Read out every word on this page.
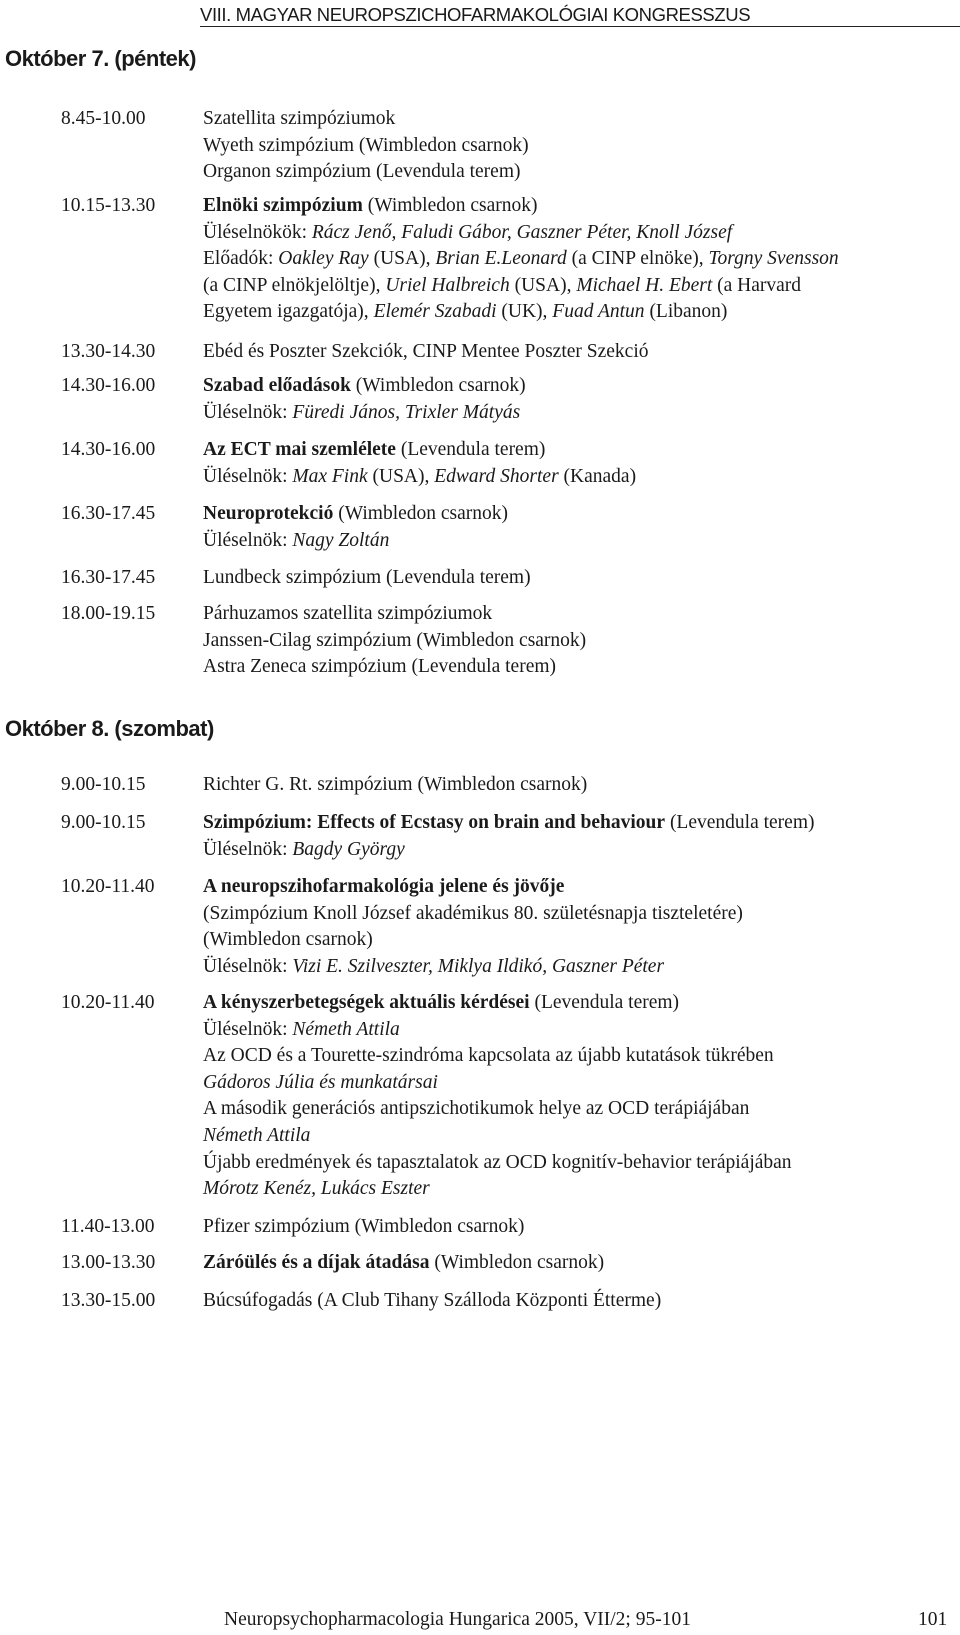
VIII. MAGYAR NEUROPSZICHOFARMAKOLÓGIAI KONGRESSZUS
Október 7. (péntek)
8.45-10.00	Szatellita szimpóziumok
Wyeth szimpózium (Wimbledon csarnok)
Organon szimpózium (Levendula terem)
10.15-13.30 Elnöki szimpózium (Wimbledon csarnok)
Üléselnökök: Rácz Jenő, Faludi Gábor, Gaszner Péter, Knoll József
Előadók: Oakley Ray (USA), Brian E.Leonard (a CINP elnöke), Torgny Svensson
(a CINP elnökjelöltje), Uriel Halbreich (USA), Michael H. Ebert (a Harvard
Egyetem igazgatója), Elemér Szabadi (UK), Fuad Antun (Libanon)
13.30-14.30 Ebéd és Poszter Szekciók, CINP Mentee Poszter Szekció
14.30-16.00 Szabad előadások (Wimbledon csarnok)
Üléselnök: Füredi János, Trixler Mátyás
14.30-16.00 Az ECT mai szemlélete (Levendula terem)
Üléselnök: Max Fink (USA), Edward Shorter (Kanada)
16.30-17.45 Neuroprotekció (Wimbledon csarnok)
Üléselnök: Nagy Zoltán
16.30-17.45 Lundbeck szimpózium (Levendula terem)
18.00-19.15 Párhuzamos szatellita szimpóziumok
Janssen-Cilag szimpózium (Wimbledon csarnok)
Astra Zeneca szimpózium (Levendula terem)
Október 8. (szombat)
9.00-10.15	Richter G. Rt. szimpózium (Wimbledon csarnok)
9.00-10.15	Szimpózium: Effects of Ecstasy on brain and behaviour (Levendula terem)
Üléselnök: Bagdy György
10.20-11.40 A neuropszihofarmakológia jelene és jövője
(Szimpózium Knoll József akadémikus 80. születésnapja tiszteletére)
(Wimbledon csarnok)
Üléselnök: Vizi E. Szilveszter, Miklya Ildikó, Gaszner Péter
10.20-11.40 A kényszerbetegségek aktuális kérdései (Levendula terem)
Üléselnök: Németh Attila
Az OCD és a Tourette-szindróma kapcsolata az újabb kutatások tükrében
Gádoros Júlia és munkatársai
A második generációs antipszichotikumok helye az OCD terápiájában
Németh Attila
Újabb eredmények és tapasztalatok az OCD kognitív-behavior terápiájában
Mórotz Kenéz, Lukács Eszter
11.40-13.00 Pfizer szimpózium (Wimbledon csarnok)
13.00-13.30 Záróülés és a díjak átadása (Wimbledon csarnok)
13.30-15.00 Búcsúfogadás (A Club Tihany Szálloda Központi Étterme)
Neuropsychopharmacologia Hungarica 2005, VII/2; 95-101	101
